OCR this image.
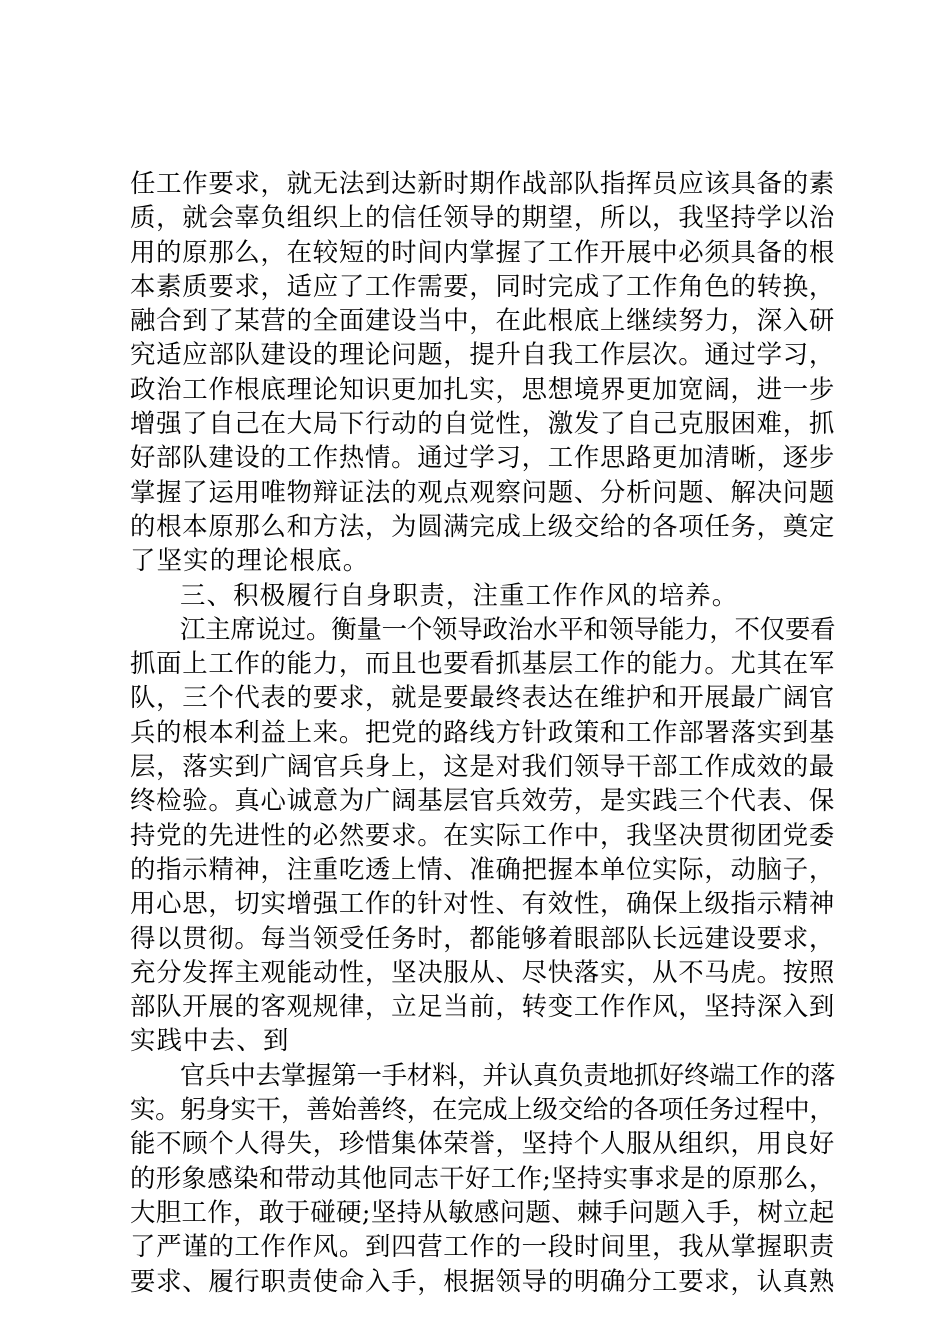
任工作要求，就无法到达新时期作战部队指挥员应该具备的素
质，就会辜负组织上的信任领导的期望，所以，我坚持学以治
用的原那么，在较短的时间内掌握了工作开展中必须具备的根
本素质要求，适应了工作需要，同时完成了工作角色的转换，
融合到了某营的全面建设当中，在此根底上继续努力，深入研
究适应部队建设的理论问题，提升自我工作层次。通过学习，
政治工作根底理论知识更加扎实，思想境界更加宽阔，进一步
增强了自己在大局下行动的自觉性，激发了自己克服困难，抓
好部队建设的工作热情。通过学习，工作思路更加清晰，逐步
掌握了运用唯物辩证法的观点观察问题、分析问题、解决问题
的根本原那么和方法，为圆满完成上级交给的各项任务，奠定
了坚实的理论根底。
三、积极履行自身职责，注重工作作风的培养。
江主席说过。衡量一个领导政治水平和领导能力，不仅要看
抓面上工作的能力，而且也要看抓基层工作的能力。尤其在军
队，三个代表的要求，就是要最终表达在维护和开展最广阔官
兵的根本利益上来。把党的路线方针政策和工作部署落实到基
层，落实到广阔官兵身上，这是对我们领导干部工作成效的最
终检验。真心诚意为广阔基层官兵效劳，是实践三个代表、保
持党的先进性的必然要求。在实际工作中，我坚决贯彻团党委
的指示精神，注重吃透上情、准确把握本单位实际，动脑子，
用心思，切实增强工作的针对性、有效性，确保上级指示精神
得以贯彻。每当领受任务时，都能够着眼部队长远建设要求，
充分发挥主观能动性，坚决服从、尽快落实，从不马虎。按照
部队开展的客观规律，立足当前，转变工作作风，坚持深入到
实践中去、到
官兵中去掌握第一手材料，并认真负责地抓好终端工作的落
实。躬身实干，善始善终，在完成上级交给的各项任务过程中，
能不顾个人得失，珍惜集体荣誉，坚持个人服从组织，用良好
的形象感染和带动其他同志干好工作;坚持实事求是的原那么，
大胆工作，敢于碰硬;坚持从敏感问题、棘手问题入手，树立起
了严谨的工作作风。到四营工作的一段时间里，我从掌握职责
要求、履行职责使命入手，根据领导的明确分工要求，认真熟
